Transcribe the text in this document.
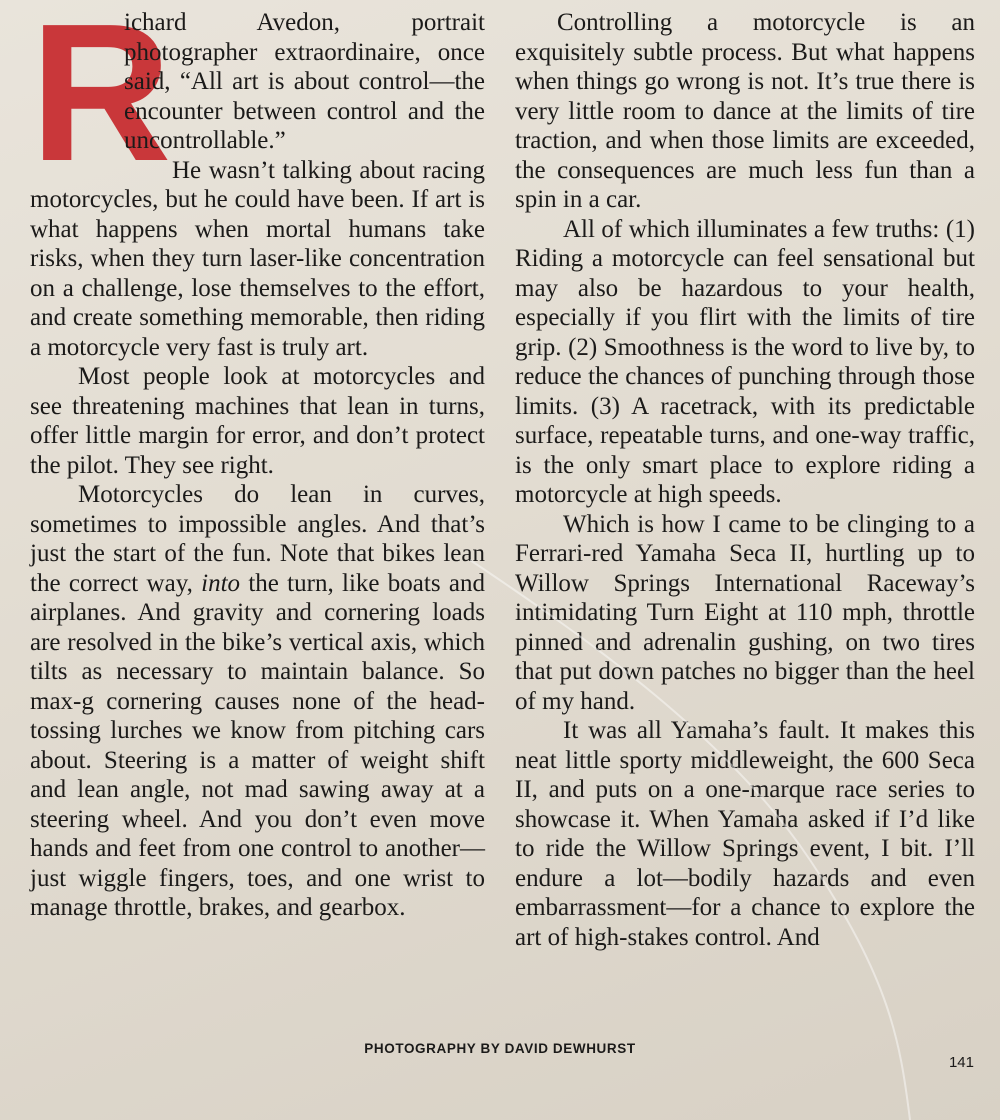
R
ichard Avedon, portrait photographer extraordinaire, once said, “All art is about control—the encounter between control and the uncontrollable.”

He wasn’t talking about racing motorcycles, but he could have been. If art is what happens when mortal humans take risks, when they turn laser-like concentration on a challenge, lose themselves to the effort, and create something memorable, then riding a motorcycle very fast is truly art.

Most people look at motorcycles and see threatening machines that lean in turns, offer little margin for error, and don’t protect the pilot. They see right.

Motorcycles do lean in curves, sometimes to impossible angles. And that’s just the start of the fun. Note that bikes lean the correct way, into the turn, like boats and airplanes. And gravity and cornering loads are resolved in the bike’s vertical axis, which tilts as necessary to maintain balance. So max-g cornering causes none of the head-tossing lurches we know from pitching cars about. Steering is a matter of weight shift and lean angle, not mad sawing away at a steering wheel. And you don’t even move hands and feet from one control to another—just wiggle fingers, toes, and one wrist to manage throttle, brakes, and gearbox.

Controlling a motorcycle is an exquisitely subtle process. But what happens when things go wrong is not. It’s true there is very little room to dance at the limits of tire traction, and when those limits are exceeded, the consequences are much less fun than a spin in a car.

All of which illuminates a few truths: (1) Riding a motorcycle can feel sensational but may also be hazardous to your health, especially if you flirt with the limits of tire grip. (2) Smoothness is the word to live by, to reduce the chances of punching through those limits. (3) A racetrack, with its predictable surface, repeatable turns, and one-way traffic, is the only smart place to explore riding a motorcycle at high speeds.

Which is how I came to be clinging to a Ferrari-red Yamaha Seca II, hurtling up to Willow Springs International Raceway’s intimidating Turn Eight at 110 mph, throttle pinned and adrenalin gushing, on two tires that put down patches no bigger than the heel of my hand.

It was all Yamaha’s fault. It makes this neat little sporty middleweight, the 600 Seca II, and puts on a one-marque race series to showcase it. When Yamaha asked if I’d like to ride the Willow Springs event, I bit. I’ll endure a lot—bodily hazards and even embarrassment—for a chance to explore the art of high-stakes control. And

PHOTOGRAPHY BY DAVID DEWHURST
141
